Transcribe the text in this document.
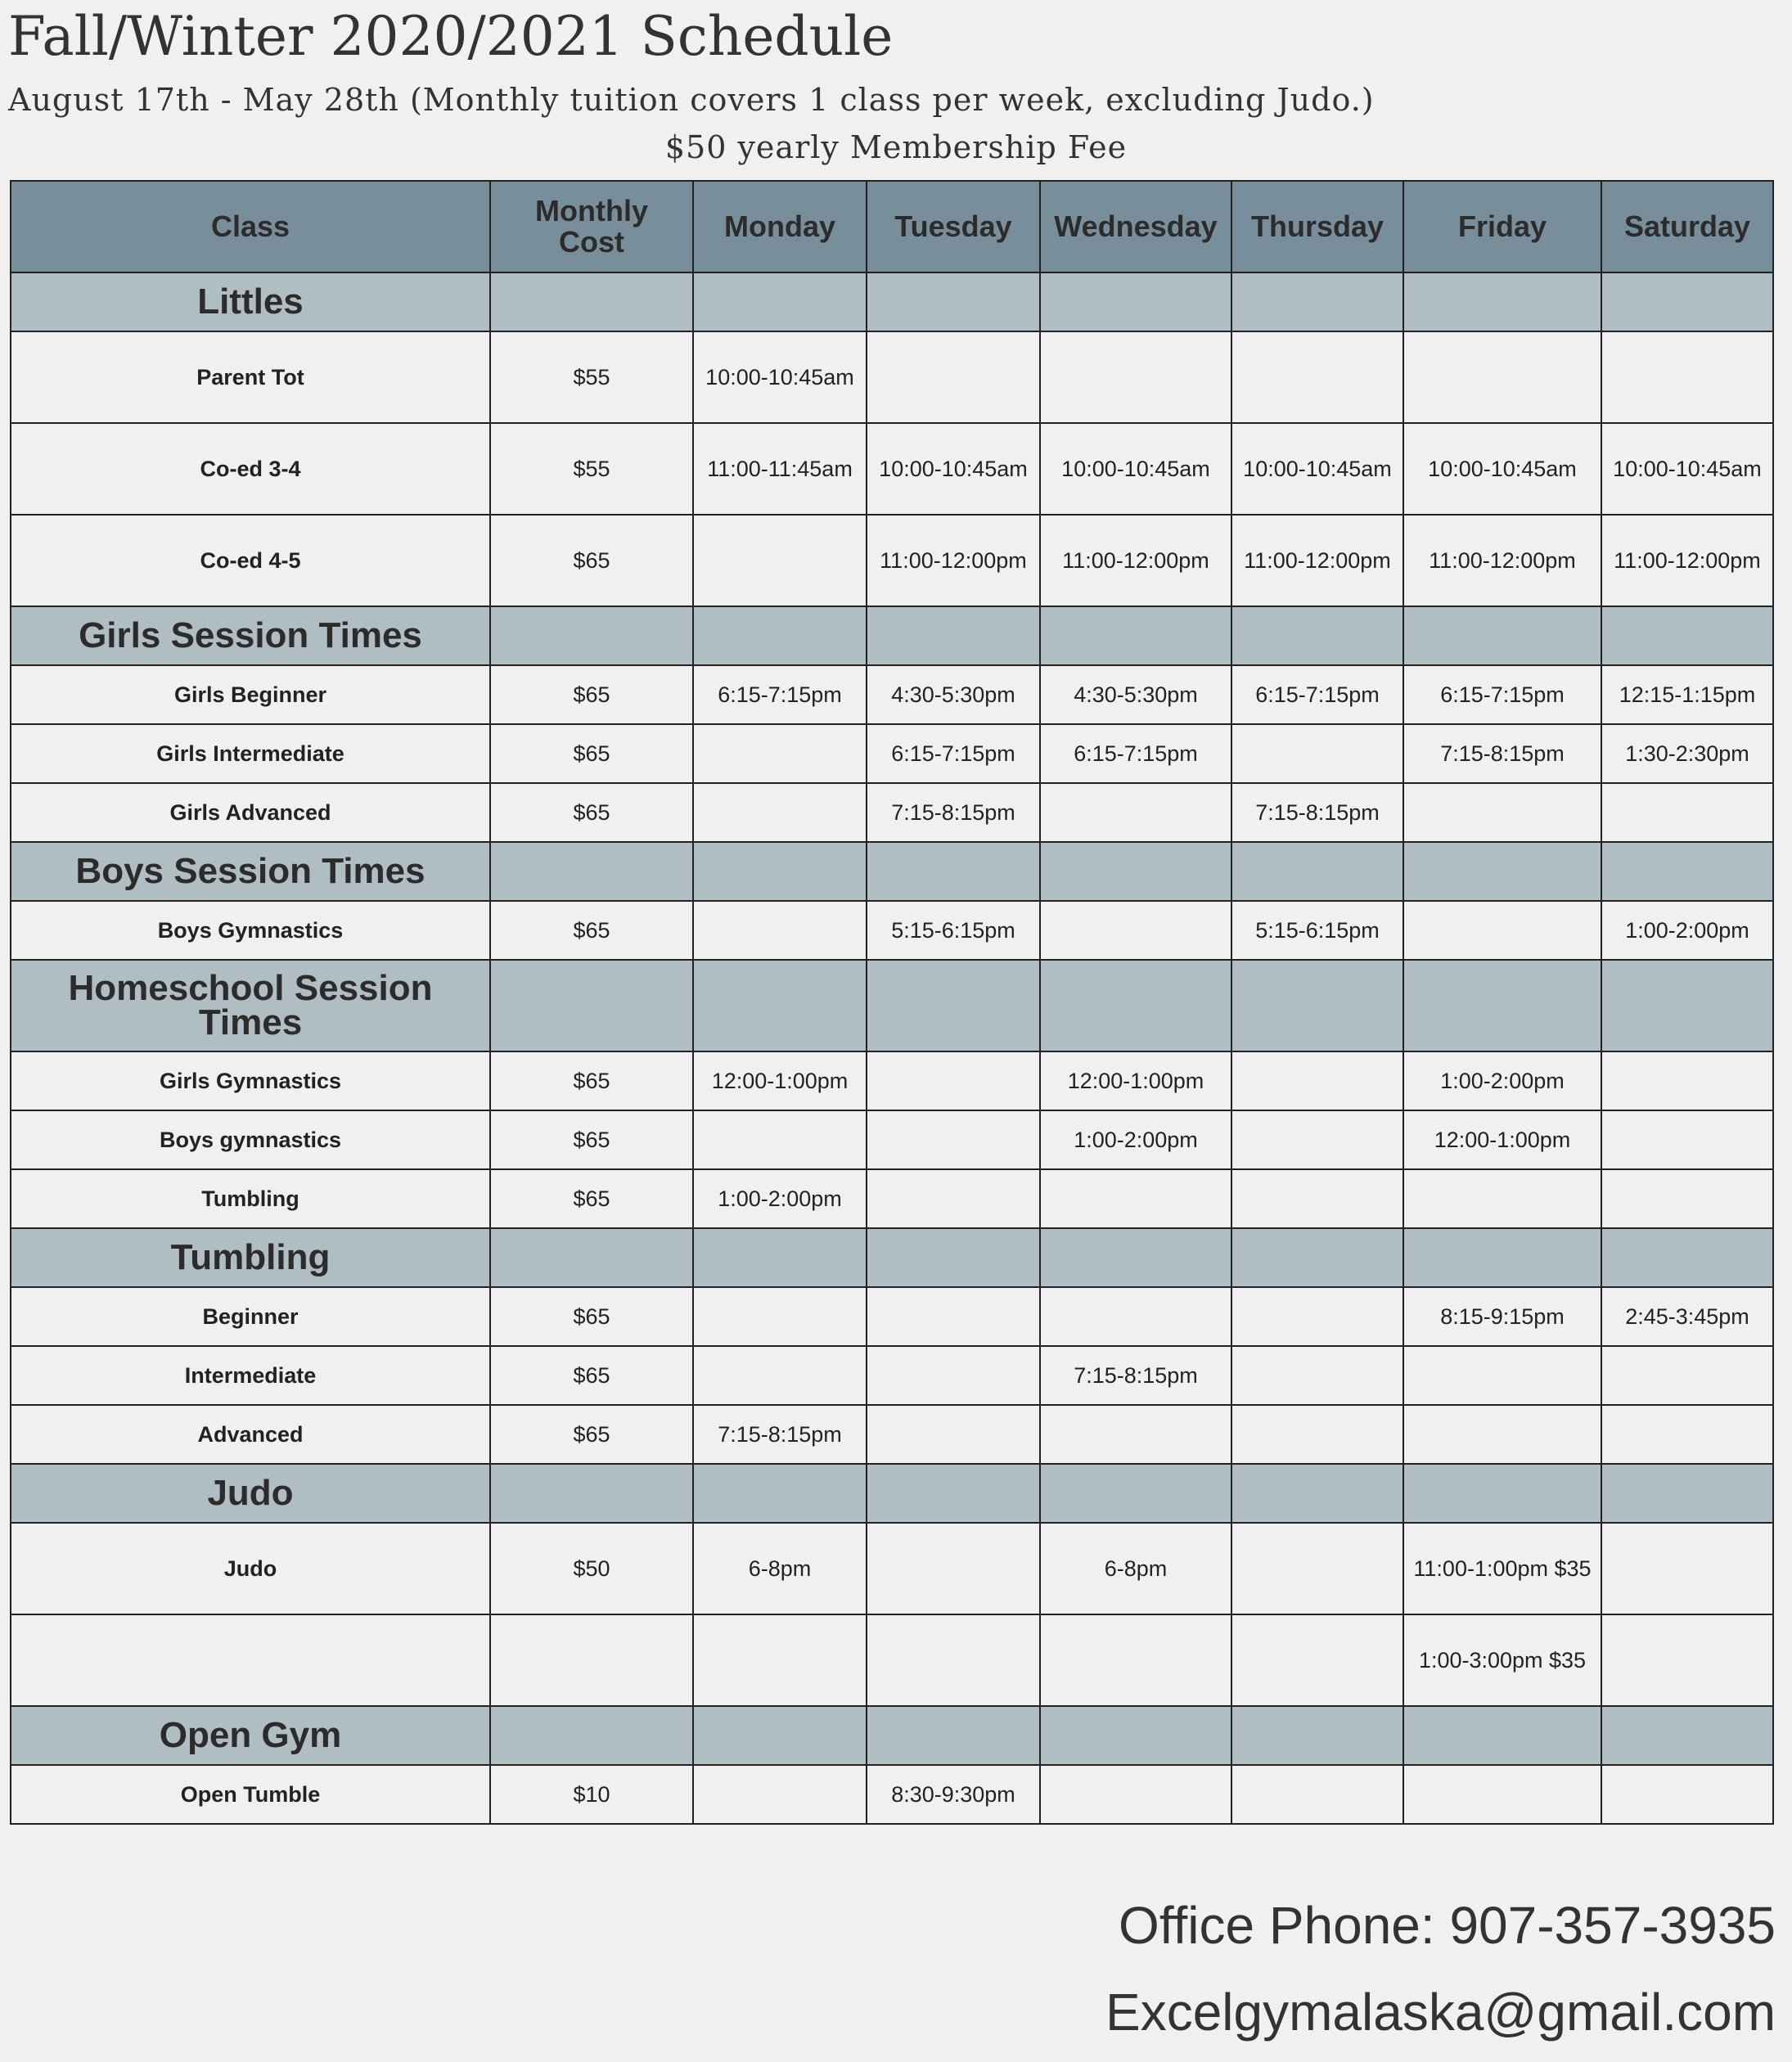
Fall/Winter 2020/2021 Schedule
August 17th - May 28th (Monthly tuition covers 1 class per week, excluding Judo.)
$50 yearly Membership Fee
Class	Monthly Cost	Monday	Tuesday	Wednesday	Thursday	Friday	Saturday
Littles							
Parent Tot	$55	10:00-10:45am					
Co-ed 3-4	$55	11:00-11:45am	10:00-10:45am	10:00-10:45am	10:00-10:45am	10:00-10:45am	10:00-10:45am
Co-ed 4-5	$65		11:00-12:00pm	11:00-12:00pm	11:00-12:00pm	11:00-12:00pm	11:00-12:00pm
Girls Session Times							
Girls Beginner	$65	6:15-7:15pm	4:30-5:30pm	4:30-5:30pm	6:15-7:15pm	6:15-7:15pm	12:15-1:15pm
Girls Intermediate	$65		6:15-7:15pm	6:15-7:15pm		7:15-8:15pm	1:30-2:30pm
Girls Advanced	$65		7:15-8:15pm		7:15-8:15pm		
Boys Session Times							
Boys Gymnastics	$65		5:15-6:15pm		5:15-6:15pm		1:00-2:00pm
Homeschool Session Times							
Girls Gymnastics	$65	12:00-1:00pm		12:00-1:00pm		1:00-2:00pm	
Boys gymnastics	$65			1:00-2:00pm		12:00-1:00pm	
Tumbling	$65	1:00-2:00pm					
Tumbling							
Beginner	$65					8:15-9:15pm	2:45-3:45pm
Intermediate	$65			7:15-8:15pm			
Advanced	$65	7:15-8:15pm					
Judo							
Judo	$50	6-8pm		6-8pm		11:00-1:00pm $35	
						1:00-3:00pm $35	
Open Gym							
Open Tumble	$10		8:30-9:30pm				
Office Phone: 907-357-3935
Excelgymalaska@gmail.com
